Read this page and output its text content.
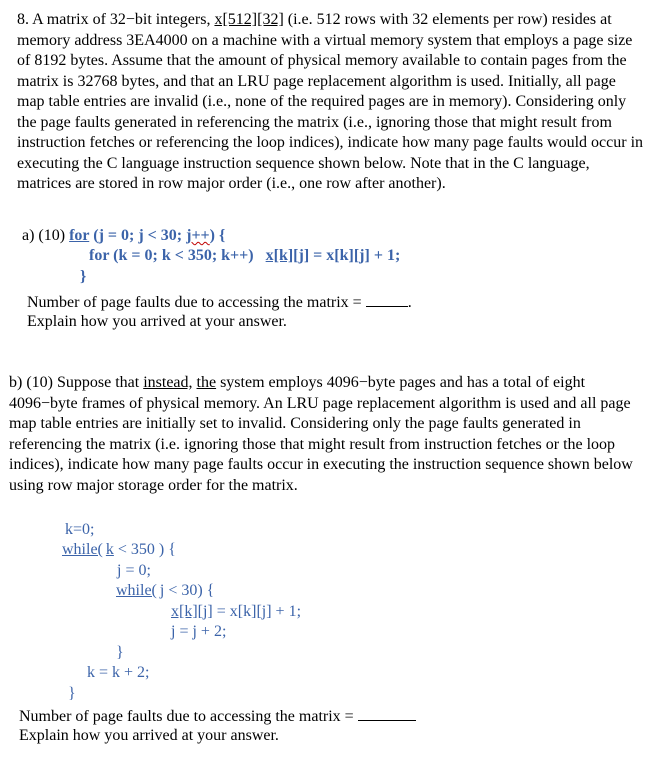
8. A matrix of 32−bit integers, x[512][32] (i.e. 512 rows with 32 elements per row) resides at memory address 3EA4000 on a machine with a virtual memory system that employs a page size of 8192 bytes. Assume that the amount of physical memory available to contain pages from the matrix is 32768 bytes, and that an LRU page replacement algorithm is used. Initially, all page map table entries are invalid (i.e., none of the required pages are in memory). Considering only the page faults generated in referencing the matrix (i.e., ignoring those that might result from instruction fetches or referencing the loop indices), indicate how many page faults would occur in executing the C language instruction sequence shown below. Note that in the C language, matrices are stored in row major order (i.e., one row after another).

a) (10) for (j = 0; j < 30; j++) {
for (k = 0; k < 350; k++) x[k][j] = x[k][j] + 1;
}
Number of page faults due to accessing the matrix =	.
Explain how you arrived at your answer.

b) (10) Suppose that instead, the system employs 4096−byte pages and has a total of eight 4096−byte frames of physical memory. An LRU page replacement algorithm is used and all page map table entries are initially set to invalid. Considering only the page faults generated in referencing the matrix (i.e. ignoring those that might result from instruction fetches or the loop indices), indicate how many page faults occur in executing the instruction sequence shown below using row major storage order for the matrix.

k=0;
while( k < 350 ) {
j = 0;
while( j < 30) {
x[k][j] = x[k][j] + 1;
j = j + 2;
}
k = k + 2;
}
Number of page faults due to accessing the matrix =
Explain how you arrived at your answer.
